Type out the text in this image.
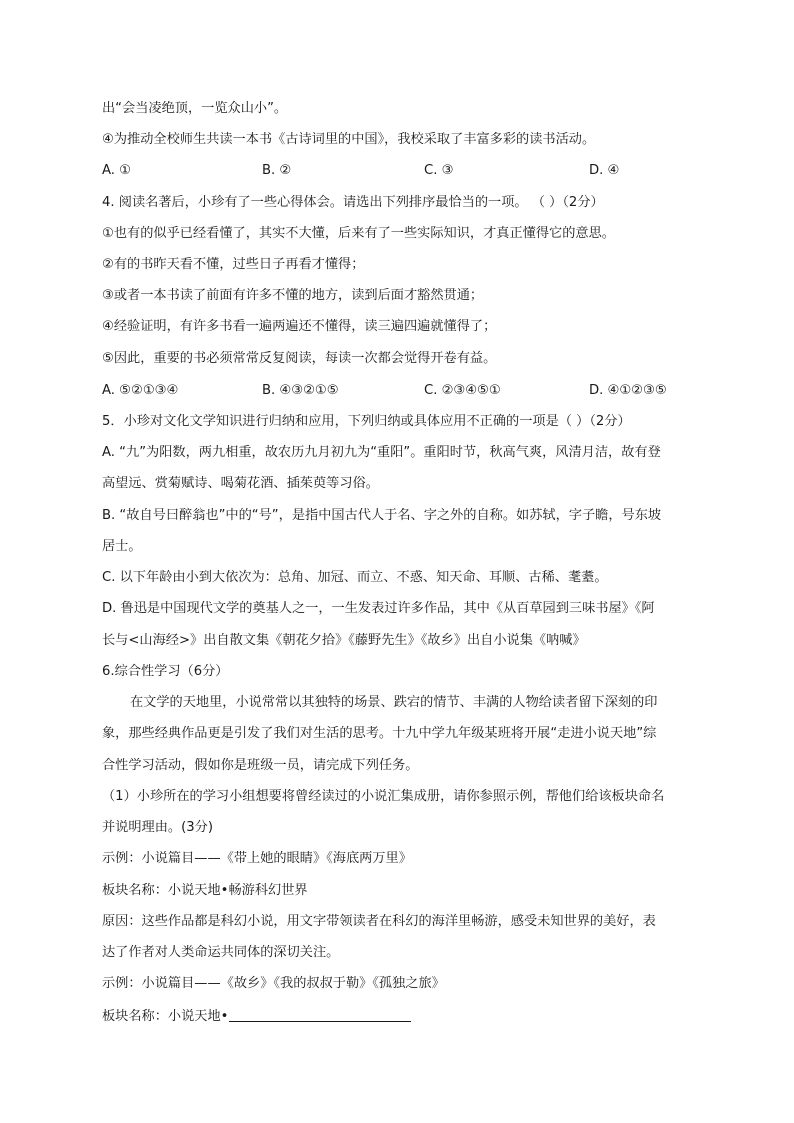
出“会当凌绝顶，一览众山小”。
④为推动全校师生共读一本书《古诗词里的中国》，我校采取了丰富多彩的读书活动。
A. ①	B. ②	C. ③	D. ④
4. 阅读名著后，小珍有了一些心得体会。请选出下列排序最恰当的一项。 （ ）（2分）
①也有的似乎已经看懂了，其实不大懂，后来有了一些实际知识，才真正懂得它的意思。
②有的书昨天看不懂，过些日子再看才懂得；
③或者一本书读了前面有许多不懂的地方，读到后面才豁然贯通；
④经验证明，有许多书看一遍两遍还不懂得，读三遍四遍就懂得了；
⑤因此，重要的书必须常常反复阅读，每读一次都会觉得开卷有益。
A. ⑤②①③④	B. ④③②①⑤	C. ②③④⑤①	D. ④①②③⑤
5．小珍对文化文学知识进行归纳和应用，下列归纳或具体应用不正确的一项是（ ）（2分）
A. “九”为阳数，两九相重，故农历九月初九为“重阳”。重阳时节，秋高气爽，风清月洁，故有登
高望远、赏菊赋诗、喝菊花酒、插茱萸等习俗。
B. “故自号曰醉翁也”中的“号”，是指中国古代人于名、字之外的自称。如苏轼，字子瞻，号东坡
居士。
C. 以下年龄由小到大依次为：总角、加冠、而立、不惑、知天命、耳顺、古稀、耄耋。
D. 鲁迅是中国现代文学的奠基人之一，一生发表过许多作品，其中《从百草园到三味书屋》《阿
长与<山海经>》出自散文集《朝花夕拾》《藤野先生》《故乡》出自小说集《呐喊》
6.综合性学习（6分）
在文学的天地里，小说常常以其独特的场景、跌宕的情节、丰满的人物给读者留下深刻的印
象，那些经典作品更是引发了我们对生活的思考。十九中学九年级某班将开展“走进小说天地”综
合性学习活动，假如你是班级一员，请完成下列任务。
（1）小珍所在的学习小组想要将曾经读过的小说汇集成册，请你参照示例，帮他们给该板块命名
并说明理由。(3分)
示例：小说篇目——《带上她的眼睛》《海底两万里》
板块名称：小说天地•畅游科幻世界
原因：这些作品都是科幻小说，用文字带领读者在科幻的海洋里畅游，感受未知世界的美好，表
达了作者对人类命运共同体的深切关注。
示例：小说篇目——《故乡》《我的叔叔于勒》《孤独之旅》
板块名称：小说天地•
